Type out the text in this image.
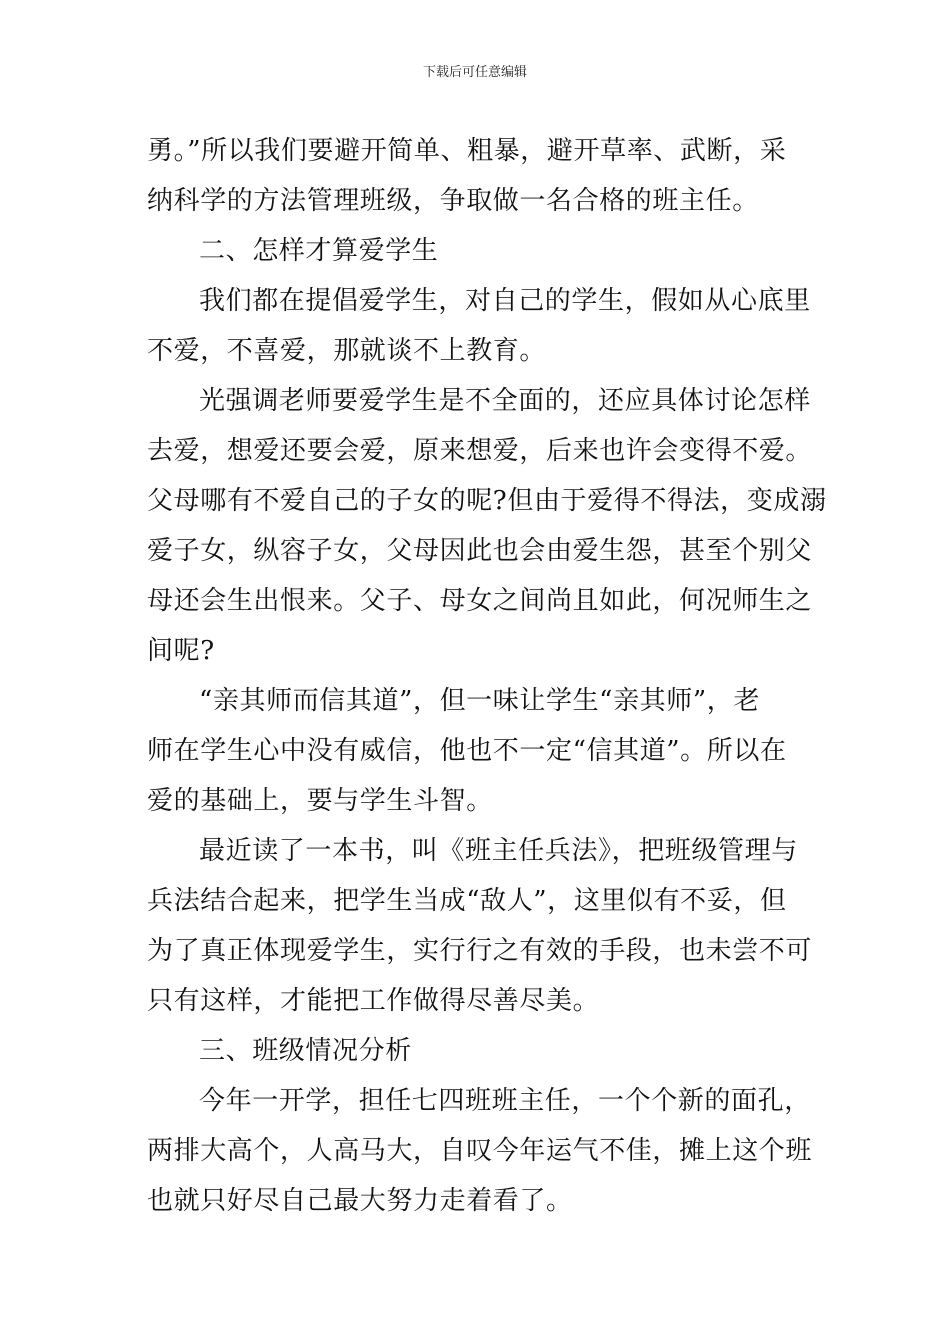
下载后可任意编辑
勇。”所以我们要避开简单、粗暴，避开草率、武断，采
纳科学的方法管理班级，争取做一名合格的班主任。
二、怎样才算爱学生
我们都在提倡爱学生，对自己的学生，假如从心底里
不爱，不喜爱，那就谈不上教育。
光强调老师要爱学生是不全面的，还应具体讨论怎样
去爱，想爱还要会爱，原来想爱，后来也许会变得不爱。
父母哪有不爱自己的子女的呢?但由于爱得不得法，变成溺
爱子女，纵容子女，父母因此也会由爱生怨，甚至个别父
母还会生出恨来。父子、母女之间尚且如此，何况师生之
间呢?
“亲其师而信其道”，但一味让学生“亲其师”，老
师在学生心中没有威信，他也不一定“信其道”。所以在
爱的基础上，要与学生斗智。
最近读了一本书，叫《班主任兵法》，把班级管理与
兵法结合起来，把学生当成“敌人”，这里似有不妥，但
为了真正体现爱学生，实行行之有效的手段，也未尝不可
只有这样，才能把工作做得尽善尽美。
三、班级情况分析
今年一开学，担任七四班班主任，一个个新的面孔，
两排大高个，人高马大，自叹今年运气不佳，摊上这个班
也就只好尽自己最大努力走着看了。
